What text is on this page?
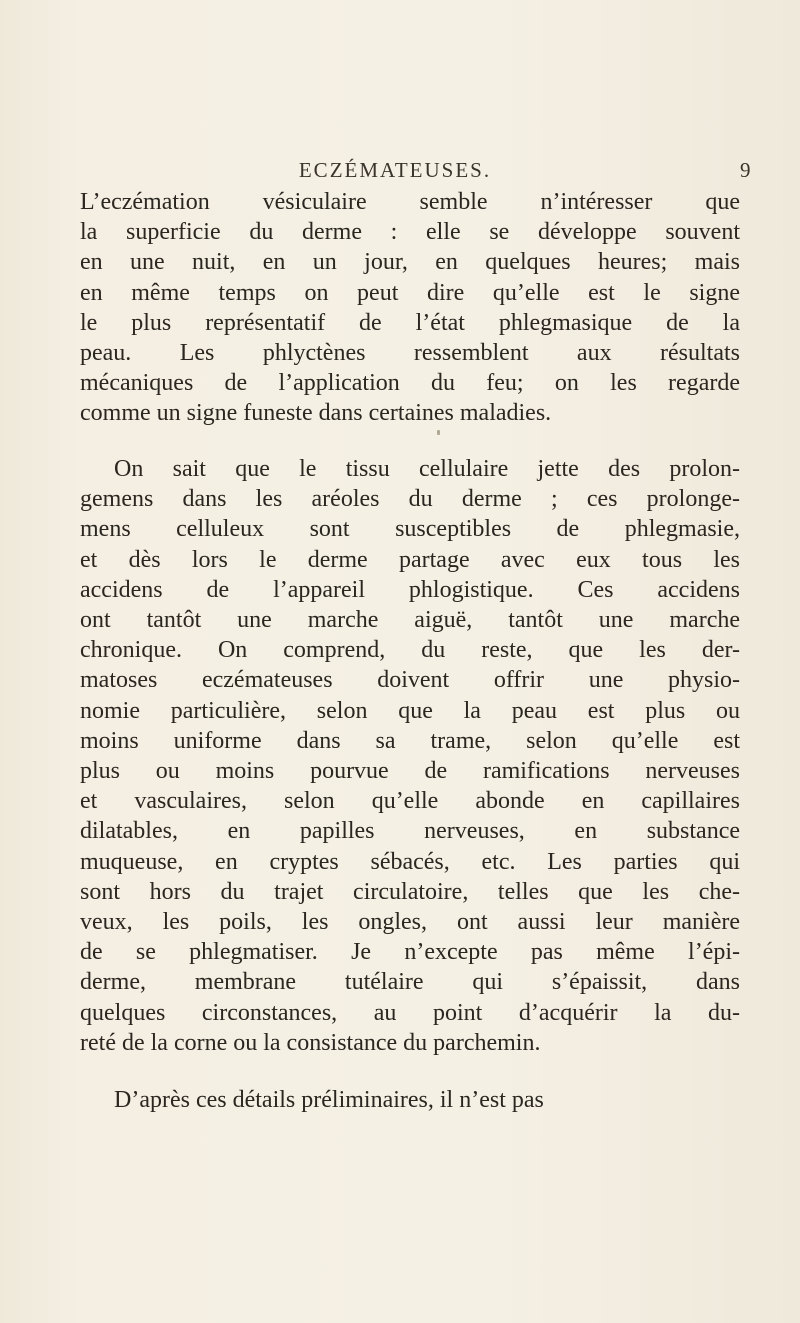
ECZÉMATEUSES.	9
L’eczémation vésiculaire semble n’intéresser que
la superficie du derme : elle se développe souvent
en une nuit, en un jour, en quelques heures; mais
en même temps on peut dire qu’elle est le signe
le plus représentatif de l’état phlegmasique de la
peau. Les phlyctènes ressemblent aux résultats
mécaniques de l’application du feu; on les regarde
comme un signe funeste dans certaines maladies.
On sait que le tissu cellulaire jette des prolon-
gemens dans les aréoles du derme ; ces prolonge-
mens celluleux sont susceptibles de phlegmasie,
et dès lors le derme partage avec eux tous les
accidens de l’appareil phlogistique. Ces accidens
ont tantôt une marche aiguë, tantôt une marche
chronique. On comprend, du reste, que les der-
matoses eczémateuses doivent offrir une physio-
nomie particulière, selon que la peau est plus ou
moins uniforme dans sa trame, selon qu’elle est
plus ou moins pourvue de ramifications nerveuses
et vasculaires, selon qu’elle abonde en capillaires
dilatables, en papilles nerveuses, en substance
muqueuse, en cryptes sébacés, etc. Les parties qui
sont hors du trajet circulatoire, telles que les che-
veux, les poils, les ongles, ont aussi leur manière
de se phlegmatiser. Je n’excepte pas même l’épi-
derme, membrane tutélaire qui s’épaissit, dans
quelques circonstances, au point d’acquérir la du-
reté de la corne ou la consistance du parchemin.
D’après ces détails préliminaires, il n’est pas
